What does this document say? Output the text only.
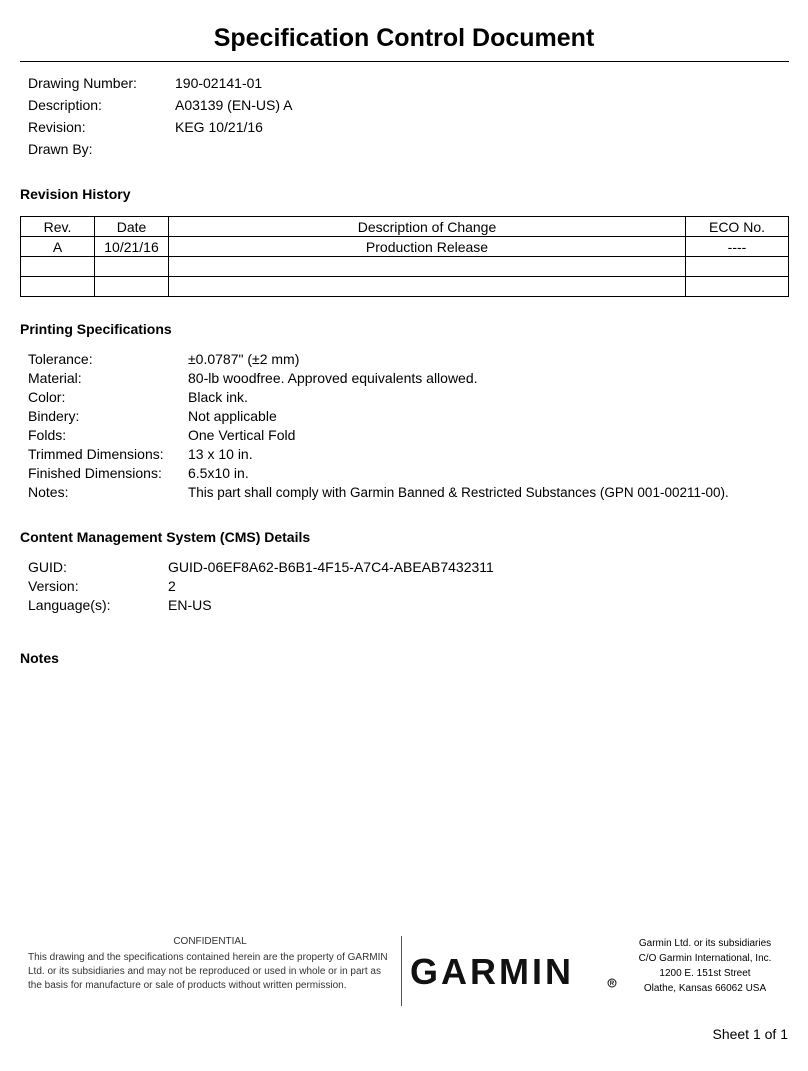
Specification Control Document
Drawing Number:	190-02141-01
Description:	A03139 (EN-US) A
Revision:	KEG 10/21/16
Drawn By:
Revision History
Rev.	Date	Description of Change	ECO No.
A	10/21/16	Production Release	----

Printing Specifications
Tolerance:	±0.0787" (±2 mm)
Material:	80-lb woodfree. Approved equivalents allowed.
Color:	Black ink.
Bindery:	Not applicable
Folds:	One Vertical Fold
Trimmed Dimensions: 13 x 10 in.
Finished Dimensions: 6.5x10 in.
Notes:	This part shall comply with Garmin Banned & Restricted Substances (GPN 001-00211-00).
Content Management System (CMS) Details
GUID:	GUID-06EF8A62-B6B1-4F15-A7C4-ABEAB7432311
Version:	2
Language(s):	EN-US
Notes
CONFIDENTIAL
This drawing and the specifications contained herein are the property of GARMIN Ltd. or its subsidiaries and may not be reproduced or used in whole or in part as the basis for manufacture or sale of products without written permission.	GARMIN
Garmin Ltd. or its subsidiaries
C/O Garmin International, Inc.
1200 E. 151st Street
Olathe, Kansas 66062 USA
Sheet 1 of 1
